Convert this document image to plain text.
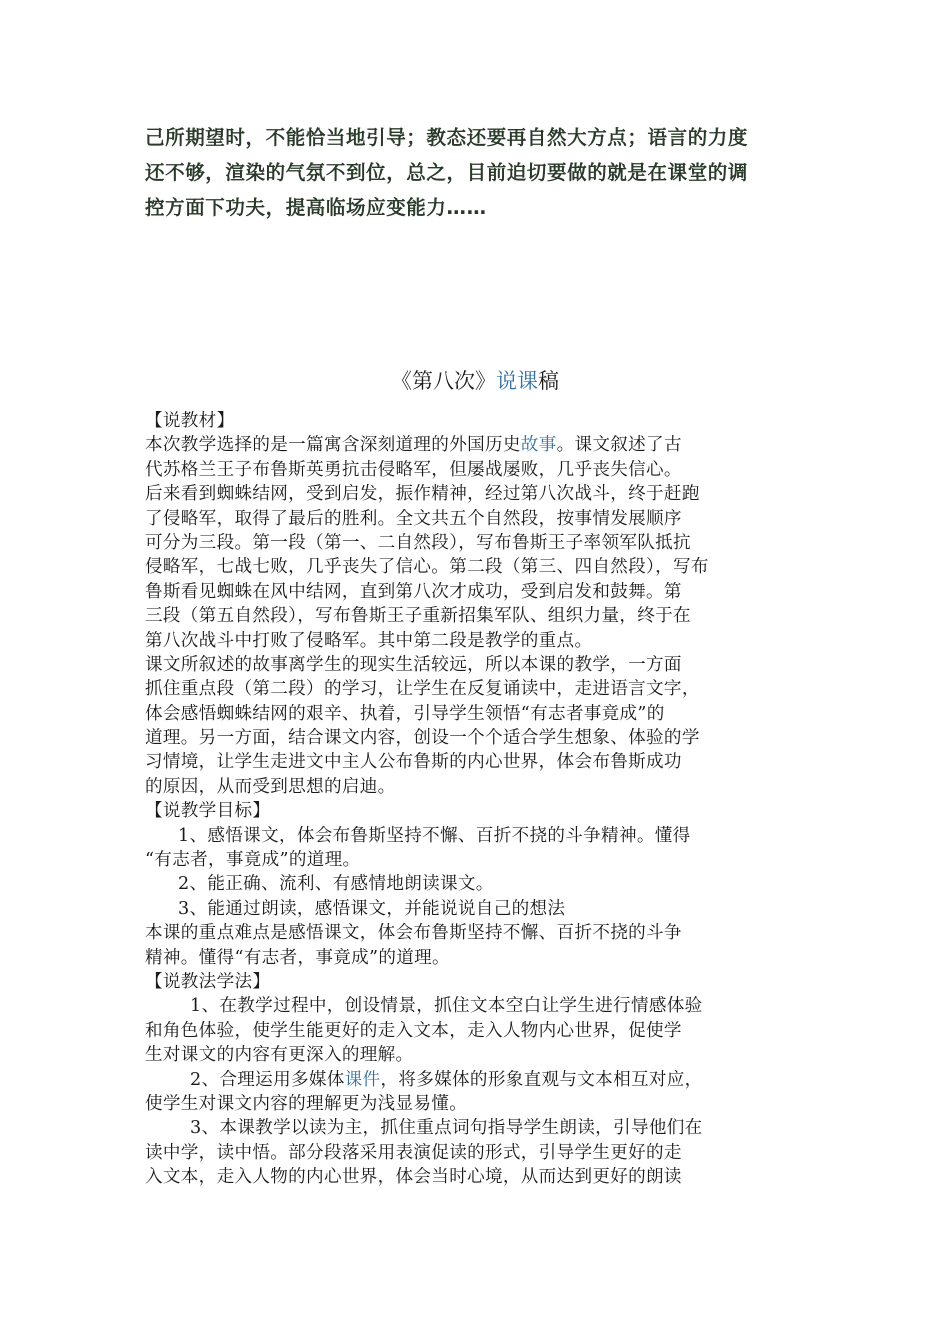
己所期望时，不能恰当地引导；教态还要再自然大方点；语言的力度
还不够，渲染的气氛不到位，总之，目前迫切要做的就是在课堂的调
控方面下功夫，提高临场应变能力……
《第八次》说课稿
【说教材】
本次教学选择的是一篇寓含深刻道理的外国历史故事。课文叙述了古
代苏格兰王子布鲁斯英勇抗击侵略军，但屡战屡败，几乎丧失信心。
后来看到蜘蛛结网，受到启发，振作精神，经过第八次战斗，终于赶跑
了侵略军，取得了最后的胜利。全文共五个自然段，按事情发展顺序
可分为三段。第一段（第一、二自然段），写布鲁斯王子率领军队抵抗
侵略军，七战七败，几乎丧失了信心。第二段（第三、四自然段），写布
鲁斯看见蜘蛛在风中结网，直到第八次才成功，受到启发和鼓舞。第
三段（第五自然段），写布鲁斯王子重新招集军队、组织力量，终于在
第八次战斗中打败了侵略军。其中第二段是教学的重点。
课文所叙述的故事离学生的现实生活较远，所以本课的教学，一方面
抓住重点段（第二段）的学习，让学生在反复诵读中，走进语言文字，
体会感悟蜘蛛结网的艰辛、执着，引导学生领悟“有志者事竟成”的
道理。另一方面，结合课文内容，创设一个个适合学生想象、体验的学
习情境，让学生走进文中主人公布鲁斯的内心世界，体会布鲁斯成功
的原因，从而受到思想的启迪。
【说教学目标】
1、感悟课文，体会布鲁斯坚持不懈、百折不挠的斗争精神。懂得
“有志者，事竟成”的道理。
2、能正确、流利、有感情地朗读课文。
3、能通过朗读，感悟课文，并能说说自己的想法
本课的重点难点是感悟课文，体会布鲁斯坚持不懈、百折不挠的斗争
精神。懂得“有志者，事竟成”的道理。
【说教法学法】
1、在教学过程中，创设情景，抓住文本空白让学生进行情感体验
和角色体验，使学生能更好的走入文本，走入人物内心世界，促使学
生对课文的内容有更深入的理解。
2、合理运用多媒体课件，将多媒体的形象直观与文本相互对应，
使学生对课文内容的理解更为浅显易懂。
3、本课教学以读为主，抓住重点词句指导学生朗读，引导他们在
读中学，读中悟。部分段落采用表演促读的形式，引导学生更好的走
入文本，走入人物的内心世界，体会当时心境，从而达到更好的朗读
